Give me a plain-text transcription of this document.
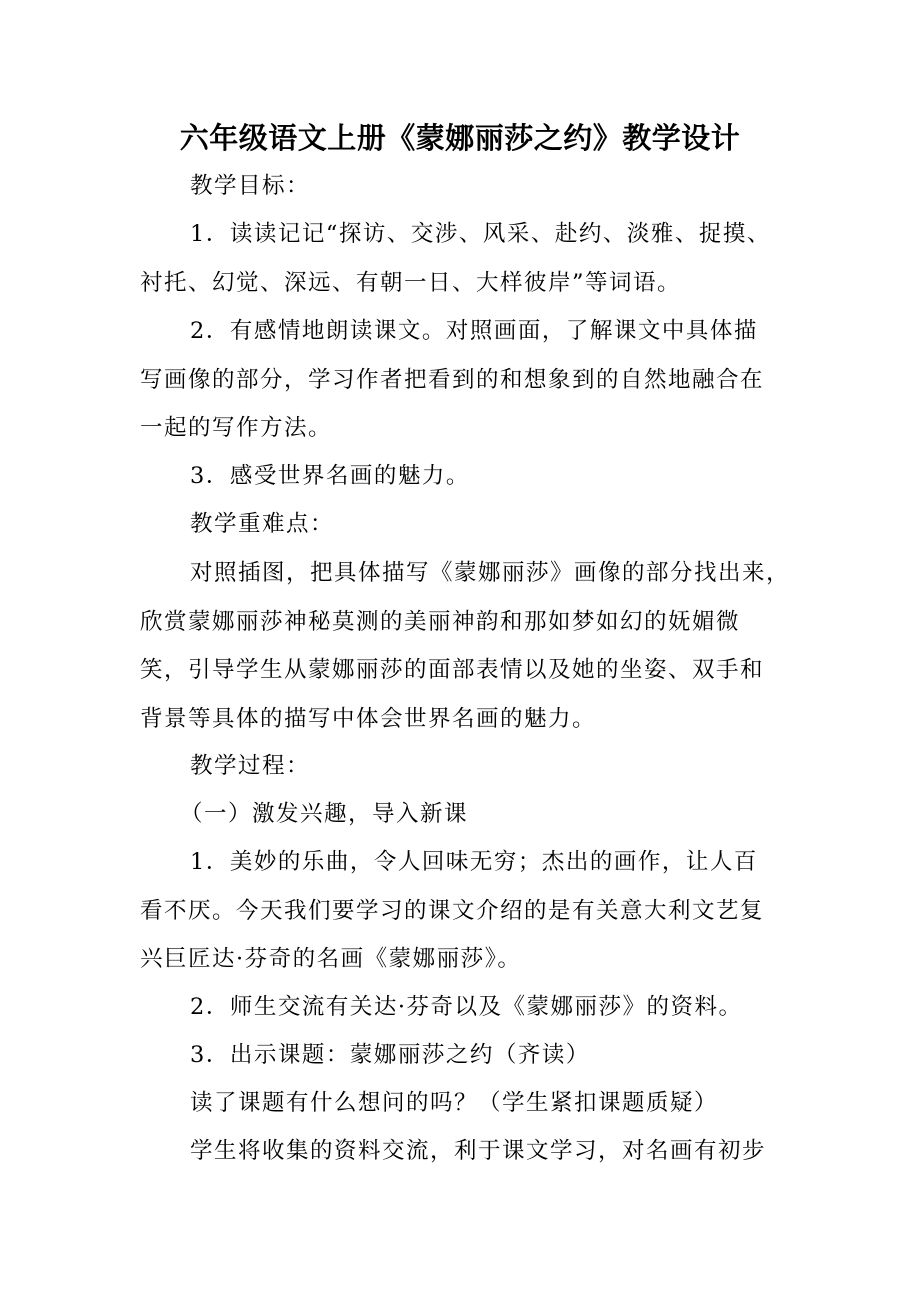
六年级语文上册《蒙娜丽莎之约》教学设计

教学目标：

1．读读记记“探访、交涉、风采、赴约、淡雅、捉摸、
衬托、幻觉、深远、有朝一日、大样彼岸”等词语。

2．有感情地朗读课文。对照画面，了解课文中具体描
写画像的部分，学习作者把看到的和想象到的自然地融合在
一起的写作方法。

3．感受世界名画的魅力。

教学重难点：

对照插图，把具体描写《蒙娜丽莎》画像的部分找出来，
欣赏蒙娜丽莎神秘莫测的美丽神韵和那如梦如幻的妩媚微
笑，引导学生从蒙娜丽莎的面部表情以及她的坐姿、双手和
背景等具体的描写中体会世界名画的魅力。

教学过程：

（一）激发兴趣，导入新课

1．美妙的乐曲，令人回味无穷；杰出的画作，让人百
看不厌。今天我们要学习的课文介绍的是有关意大利文艺复
兴巨匠达·芬奇的名画《蒙娜丽莎》。

2．师生交流有关达·芬奇以及《蒙娜丽莎》的资料。

3．出示课题：蒙娜丽莎之约（齐读）

读了课题有什么想问的吗？（学生紧扣课题质疑）

学生将收集的资料交流，利于课文学习，对名画有初步
